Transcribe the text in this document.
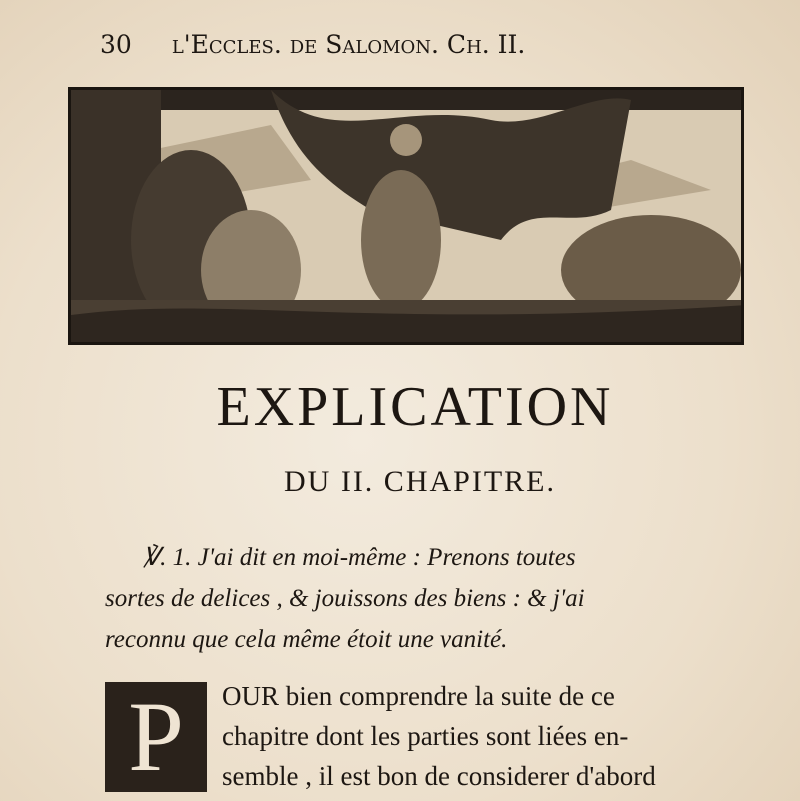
30 l'Eccles. de Salomon. Ch. II.
EXPLICATION
DU II. CHAPITRE.
℣. 1. J'ai dit en moi-même : Prenons toutes
sortes de delices , & jouissons des biens : & j'ai
reconnu que cela même étoit une vanité.
P OUR bien comprendre la suite de ce
chapitre dont les parties sont liées en-
semble , il est bon de considerer d'abord
